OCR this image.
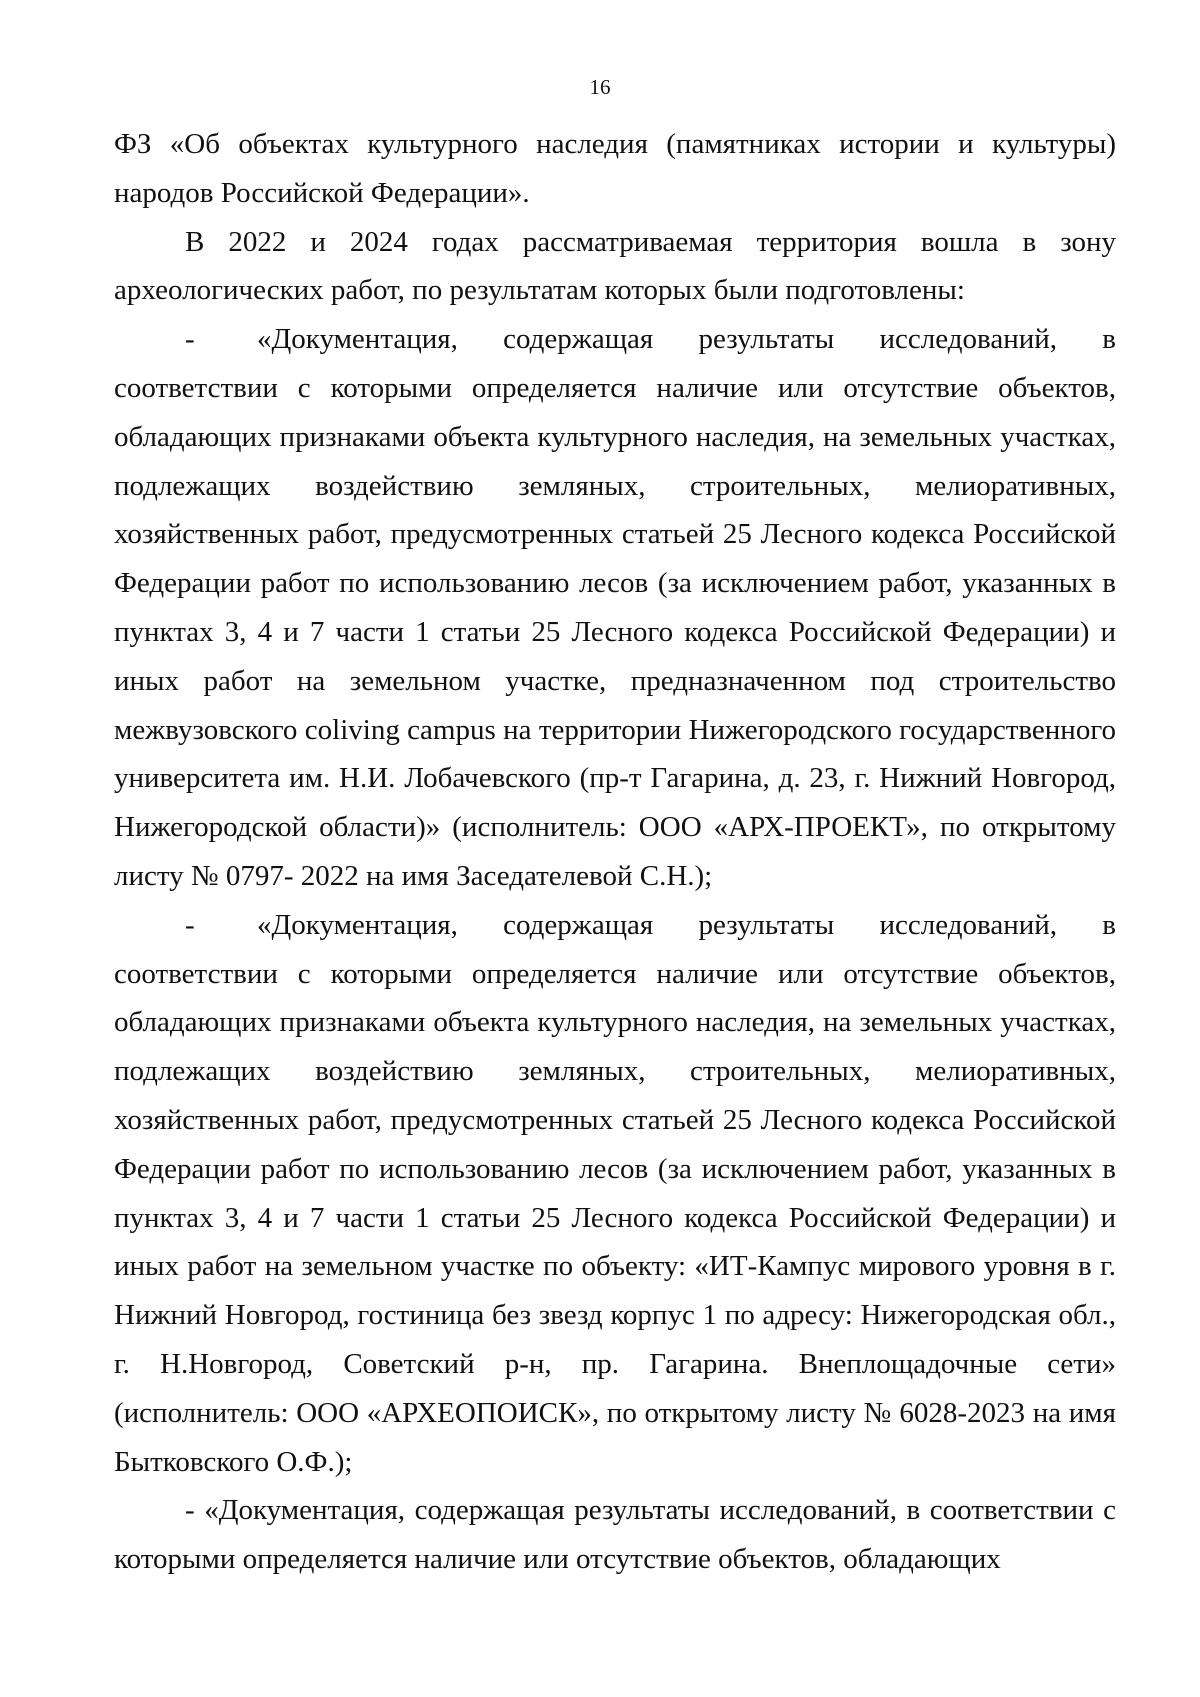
16

ФЗ «Об объектах культурного наследия (памятниках истории и культуры) народов Российской Федерации».

В 2022 и 2024 годах рассматриваемая территория вошла в зону археологических работ, по результатам которых были подготовлены:

- «Документация, содержащая результаты исследований, в соответствии с которыми определяется наличие или отсутствие объектов, обладающих признаками объекта культурного наследия, на земельных участках, подлежащих воздействию земляных, строительных, мелиоративных, хозяйственных работ, предусмотренных статьей 25 Лесного кодекса Российской Федерации работ по использованию лесов (за исключением работ, указанных в пунктах 3, 4 и 7 части 1 статьи 25 Лесного кодекса Российской Федерации) и иных работ на земельном участке, предназначенном под строительство межвузовского coliving campus на территории Нижегородского государственного университета им. Н.И. Лобачевского (пр-т Гагарина, д. 23, г. Нижний Новгород, Нижегородской области)» (исполнитель: ООО «АРХ-ПРОЕКТ», по открытому листу № 0797- 2022 на имя Заседателевой С.Н.);

- «Документация, содержащая результаты исследований, в соответствии с которыми определяется наличие или отсутствие объектов, обладающих признаками объекта культурного наследия, на земельных участках, подлежащих воздействию земляных, строительных, мелиоративных, хозяйственных работ, предусмотренных статьей 25 Лесного кодекса Российской Федерации работ по использованию лесов (за исключением работ, указанных в пунктах 3, 4 и 7 части 1 статьи 25 Лесного кодекса Российской Федерации) и иных работ на земельном участке по объекту: «ИТ-Кампус мирового уровня в г. Нижний Новгород, гостиница без звезд корпус 1 по адресу: Нижегородская обл., г. Н.Новгород, Советский р-н, пр. Гагарина. Внеплощадочные сети» (исполнитель: ООО «АРХЕОПОИСК», по открытому листу № 6028-2023 на имя Бытковского О.Ф.);

- «Документация, содержащая результаты исследований, в соответствии с которыми определяется наличие или отсутствие объектов, обладающих
